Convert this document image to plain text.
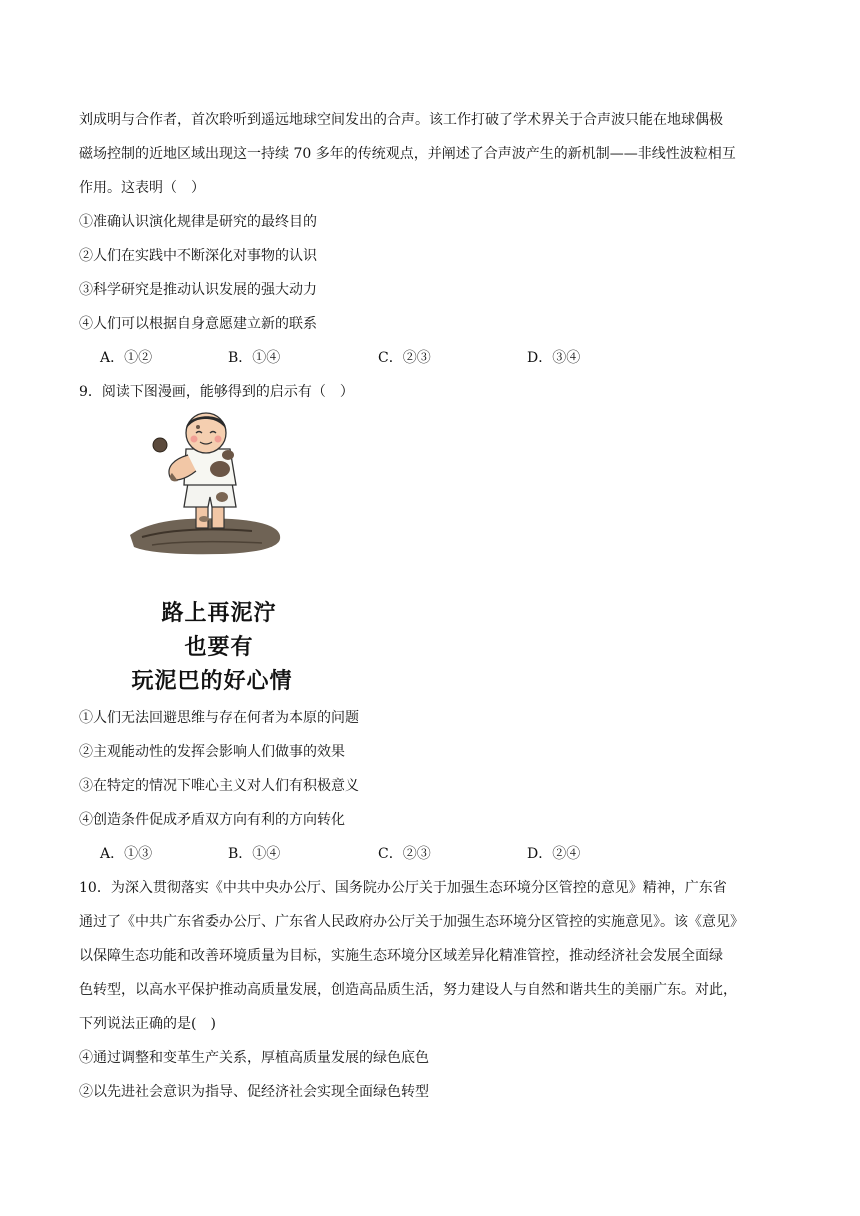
刘成明与合作者，首次聆听到遥远地球空间发出的合声。该工作打破了学术界关于合声波只能在地球偶极
磁场控制的近地区域出现这一持续 70 多年的传统观点，并阐述了合声波产生的新机制——非线性波粒相互
作用。这表明（　）
①准确认识演化规律是研究的最终目的
②人们在实践中不断深化对事物的认识
③科学研究是推动认识发展的强大动力
④人们可以根据自身意愿建立新的联系
A．①②	B．①④	C．②③	D．③④
9．阅读下图漫画，能够得到的启示有（　）
路上再泥泞
也要有
玩泥巴的好心情
①人们无法回避思维与存在何者为本原的问题
②主观能动性的发挥会影响人们做事的效果
③在特定的情况下唯心主义对人们有积极意义
④创造条件促成矛盾双方向有利的方向转化
A．①③	B．①④	C．②③	D．②④
10．为深入贯彻落实《中共中央办公厅、国务院办公厅关于加强生态环境分区管控的意见》精神，广东省
通过了《中共广东省委办公厅、广东省人民政府办公厅关于加强生态环境分区管控的实施意见》。该《意见》
以保障生态功能和改善环境质量为目标，实施生态环境分区域差异化精准管控，推动经济社会发展全面绿
色转型，以高水平保护推动高质量发展，创造高品质生活，努力建设人与自然和谐共生的美丽广东。对此，
下列说法正确的是(　)
④通过调整和变革生产关系，厚植高质量发展的绿色底色
②以先进社会意识为指导、促经济社会实现全面绿色转型
